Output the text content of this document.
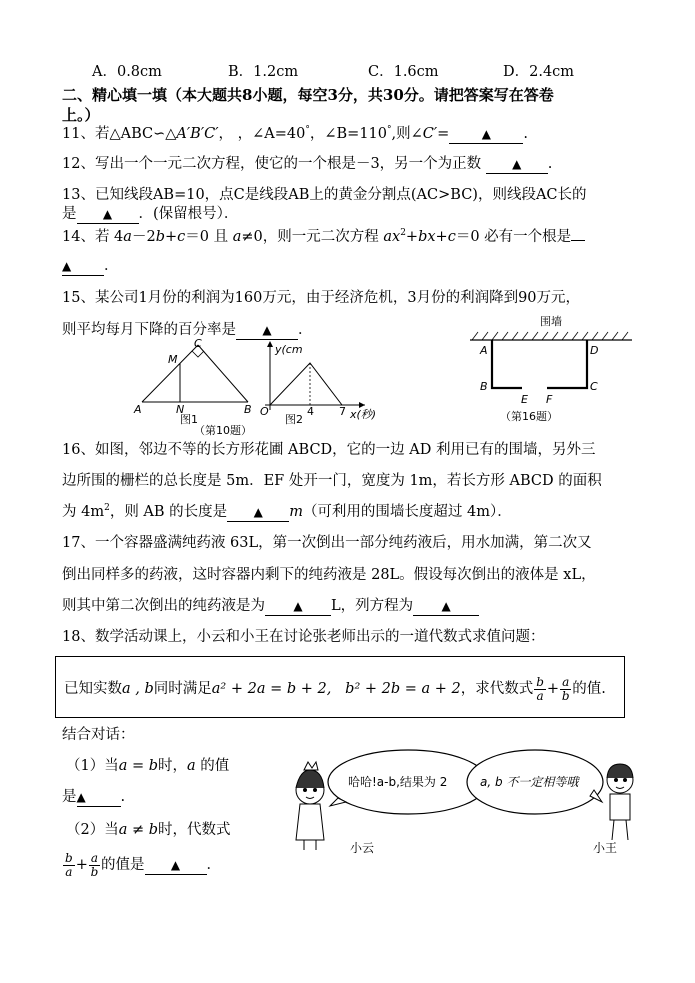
A．0.8cm	B．1.2cm	C．1.6cm	D．2.4cm
二、精心填一填（本大题共8小题，每空3分，共30分。请把答案写在答卷
上。）
11、若△ABC∽△A′B′C′， ，∠A=40°，∠B=110°,则∠C′=	▲ .
12、写出一个一元二次方程，使它的一个根是－3，另一个为正数	▲ .
13、已知线段AB=10，点C是线段AB上的黄金分割点(AC>BC)，则线段AC长的
是 ▲ ．(保留根号）．
14、若 4a－2b+c＝0 且 a≠0，则一元二次方程 $ax^2+bx+c=0$ 必有一个根是
▲ ．
15、某公司1月份的利润为160万元，由于经济危机，3月份的利润降到90万元，
则平均每月下降的百分率是 ▲ ．
M
C
A	N	B
图1
（第10题）
y(cm
O	4 7 x(秒)
图2
围墙
A	D
B	C
E F
（第16题）
16、如图，邻边不等的长方形花圃 ABCD，它的一边 AD 利用已有的围墙，另外三
边所围的栅栏的总长度是 5m．EF 处开一门，宽度为 1m，若长方形 ABCD 的面积
为 $4m^2$，则 AB 的长度是 ▲ m（可利用的围墙长度超过 4m）．
17、一个容器盛满纯药液 63L，第一次倒出一部分纯药液后，用水加满，第二次又
倒出同样多的药液，这时容器内剩下的纯药液是 28L。假设每次倒出的液体是 xL，
则其中第二次倒出的纯药液是为 ▲ L，列方程为 ▲
18、数学活动课上，小云和小王在讨论张老师出示的一道代数式求值问题：
已知实数a , b同时满足a² + 2a = b + 2, b² + 2b = a + 2，求代数式 $\frac{b}{a} + \frac{a}{b}$ 的值.
结合对话：
（1）当a = b时，a 的值
是▲ .
（2）当a ≠ b时，代数式
$\frac{b}{a} + \frac{a}{b}$ 的值是 ▲ ．
哈哈!a-b,结果为 2	a, b 不一定相等哦
小云	小王
